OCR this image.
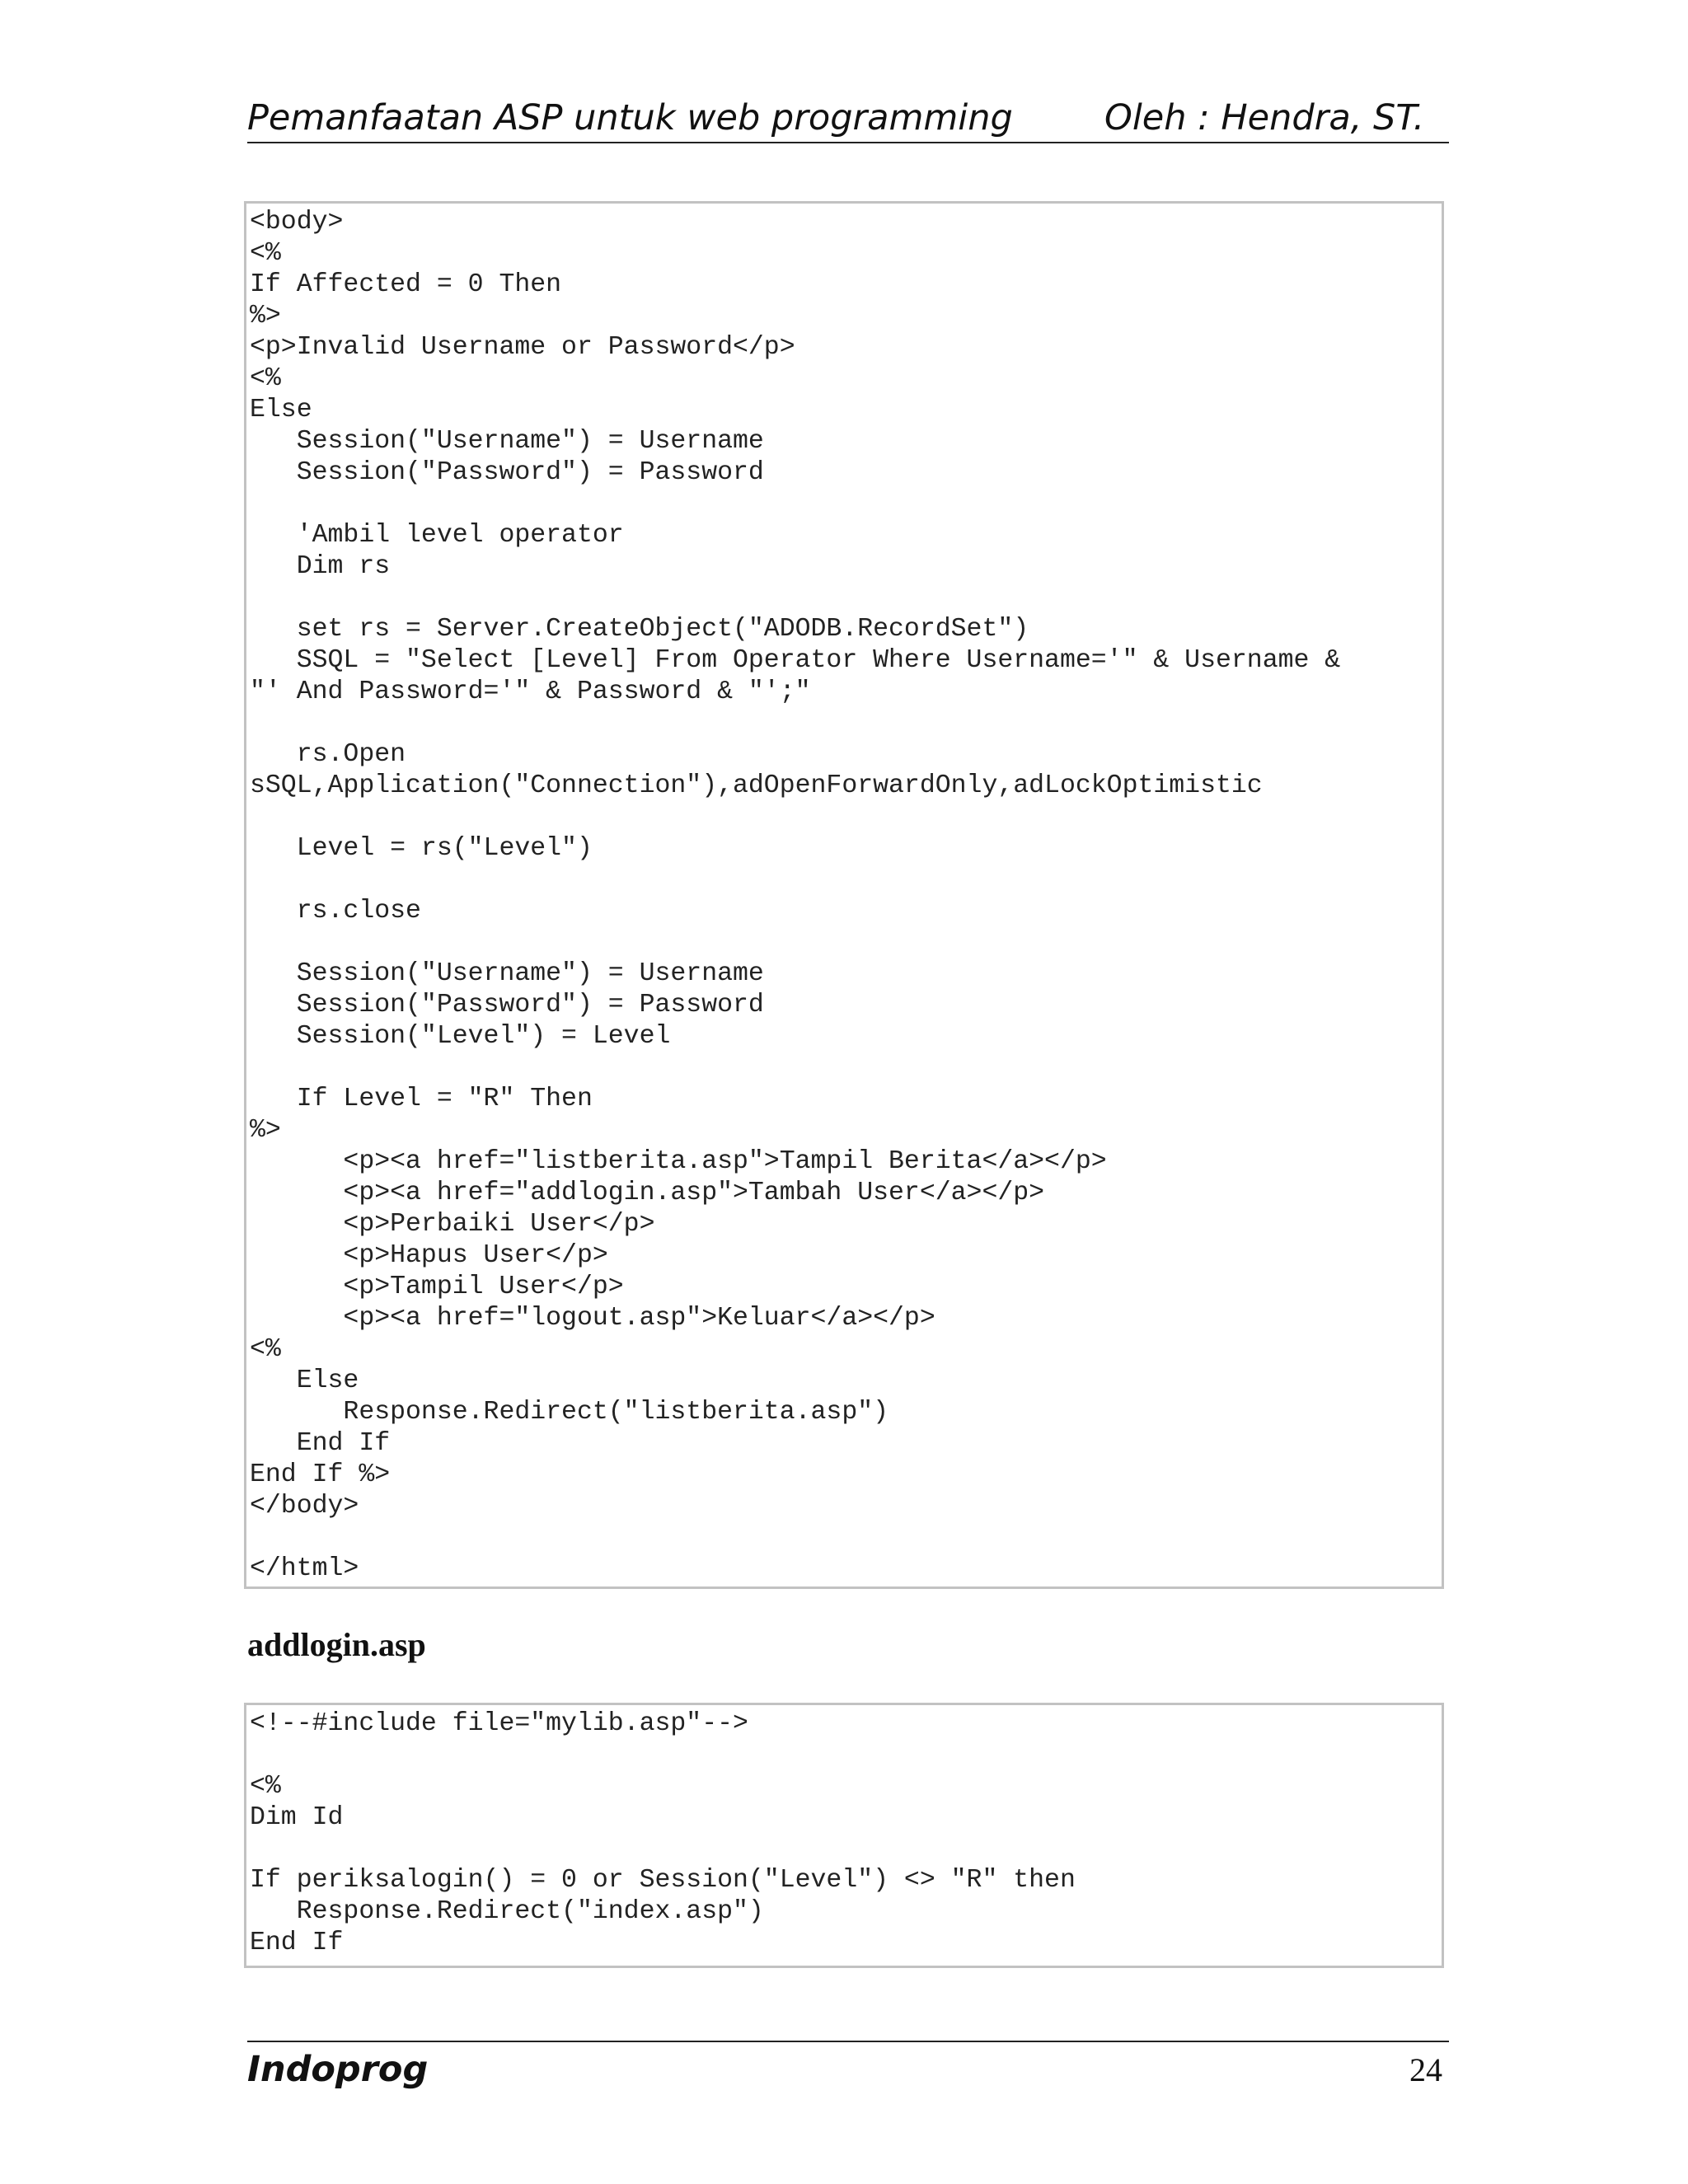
Pemanfaatan ASP untuk web programming	Oleh : Hendra, ST.
<body>
<%
If Affected = 0 Then
%>
<p>Invalid Username or Password</p>
<%
Else
Session("Username") = Username
Session("Password") = Password

'Ambil level operator
Dim rs

set rs = Server.CreateObject("ADODB.RecordSet")
SSQL = "Select [Level] From Operator Where Username='" & Username &
"' And Password='" & Password & "';"

rs.Open
sSQL,Application("Connection"),adOpenForwardOnly,adLockOptimistic

Level = rs("Level")

rs.close

Session("Username") = Username
Session("Password") = Password
Session("Level") = Level

If Level = "R" Then
%>
<p><a href="listberita.asp">Tampil Berita</a></p>
<p><a href="addlogin.asp">Tambah User</a></p>
<p>Perbaiki User</p>
<p>Hapus User</p>
<p>Tampil User</p>
<p><a href="logout.asp">Keluar</a></p>
<%
Else
Response.Redirect("listberita.asp")
End If
End If %>
</body>

</html>
addlogin.asp
<!--#include file="mylib.asp"-->

<%
Dim Id

If periksalogin() = 0 or Session("Level") <> "R" then
Response.Redirect("index.asp")
End If
Indoprog	24
